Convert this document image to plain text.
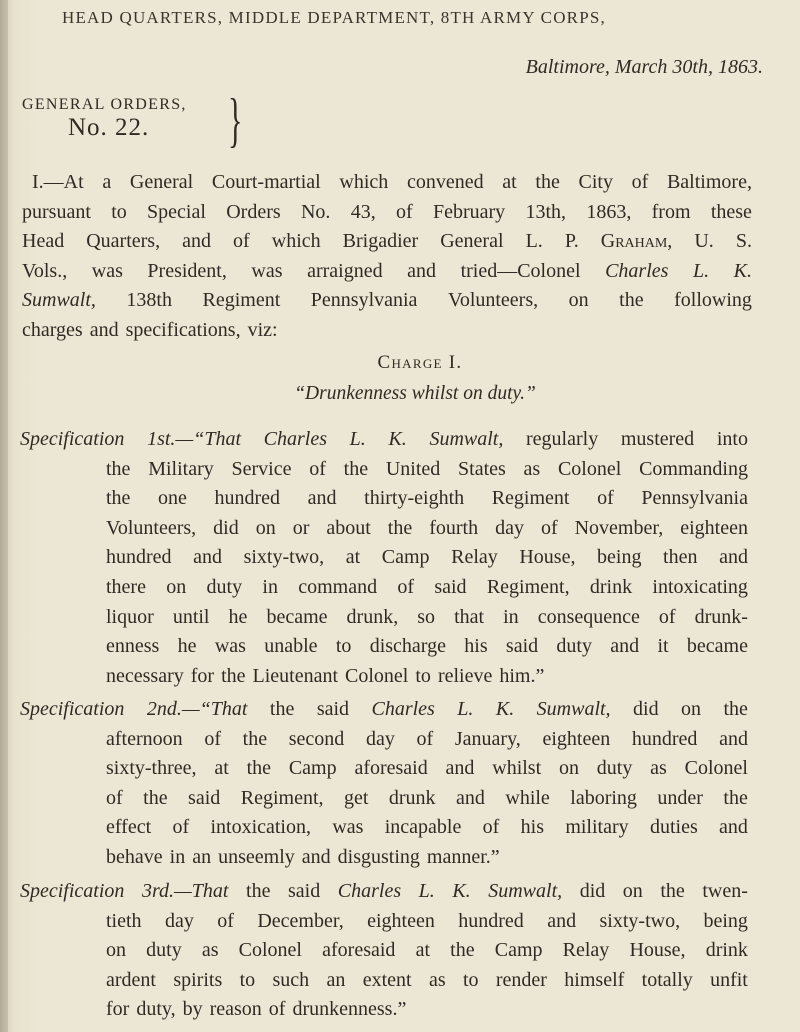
HEAD QUARTERS, MIDDLE DEPARTMENT, 8TH ARMY CORPS,
Baltimore, March 30th, 1863.
GENERAL ORDERS,
No. 22. }
I.—At a General Court-martial which convened at the City of Baltimore,
pursuant to Special Orders No. 43, of February 13th, 1863, from these
Head Quarters, and of which Brigadier General L. P. Graham, U. S.
Vols., was President, was arraigned and tried—Colonel Charles L. K.
Sumwalt, 138th Regiment Pennsylvania Volunteers, on the following
charges and specifications, viz:
Charge I.
“Drunkenness whilst on duty.”
Specification 1st.—“That Charles L. K. Sumwalt, regularly mustered into
the Military Service of the United States as Colonel Commanding
the one hundred and thirty-eighth Regiment of Pennsylvania
Volunteers, did on or about the fourth day of November, eighteen
hundred and sixty-two, at Camp Relay House, being then and
there on duty in command of said Regiment, drink intoxicating
liquor until he became drunk, so that in consequence of drunk-
enness he was unable to discharge his said duty and it became
necessary for the Lieutenant Colonel to relieve him.”
Specification 2nd.—“That the said Charles L. K. Sumwalt, did on the
afternoon of the second day of January, eighteen hundred and
sixty-three, at the Camp aforesaid and whilst on duty as Colonel
of the said Regiment, get drunk and while laboring under the
effect of intoxication, was incapable of his military duties and
behave in an unseemly and disgusting manner.”
Specification 3rd.—That the said Charles L. K. Sumwalt, did on the twen-
tieth day of December, eighteen hundred and sixty-two, being
on duty as Colonel aforesaid at the Camp Relay House, drink
ardent spirits to such an extent as to render himself totally unfit
for duty, by reason of drunkenness.”
